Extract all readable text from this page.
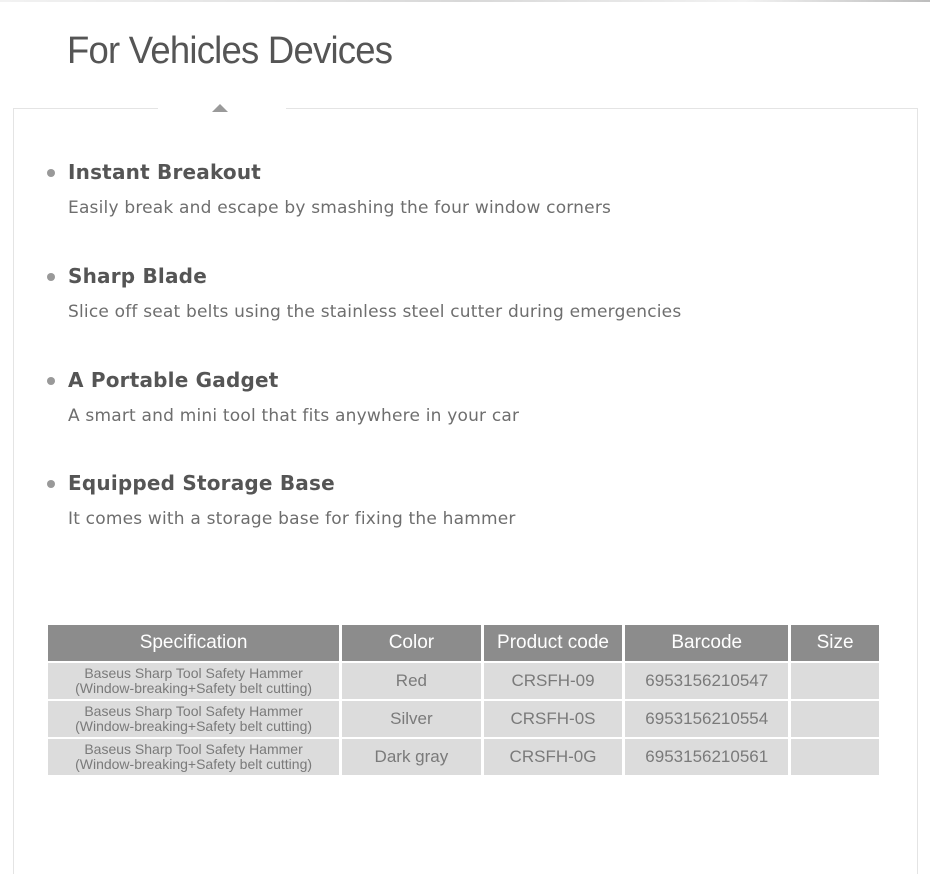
For Vehicles Devices
Instant Breakout
Easily break and escape by smashing the four window corners
Sharp Blade
Slice off seat belts using the stainless steel cutter during emergencies
A Portable Gadget
A smart and mini tool that fits anywhere in your car
Equipped Storage Base
It comes with a storage base for fixing the hammer
Specification	Color	Product code	Barcode	Size

Baseus Sharp Tool Safety Hammer
(Window-breaking+Safety belt cutting)	Red	CRSFH-09	6953156210547	

Baseus Sharp Tool Safety Hammer
(Window-breaking+Safety belt cutting)	Silver	CRSFH-0S	6953156210554	

Baseus Sharp Tool Safety Hammer
(Window-breaking+Safety belt cutting)	Dark gray	CRSFH-0G	6953156210561	
